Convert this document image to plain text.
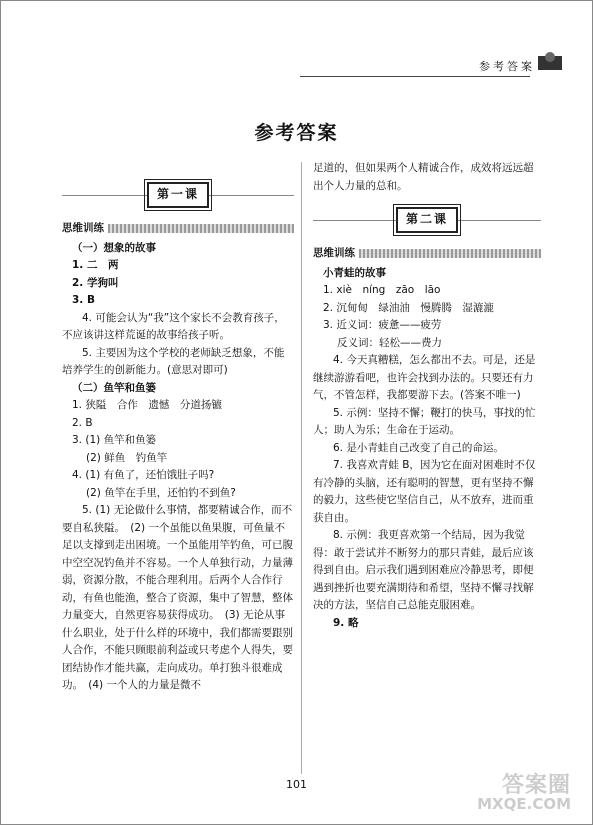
参考答案
参考答案
第一课
思维训练

（一）想象的故事

1. 二　两

2. 学狗叫

3. B

4. 可能会认为“我”这个家长不会教育孩子，不应该讲这样荒诞的故事给孩子听。

5. 主要因为这个学校的老师缺乏想象，不能培养学生的创新能力。(意思对即可)

（二）鱼竿和鱼篓

1. 狭隘　合作　遗憾　分道扬镳

2. B

3. (1) 鱼竿和鱼篓

(2) 鲜鱼　钓鱼竿

4. (1) 有鱼了，还怕饿肚子吗?

(2) 鱼竿在手里，还怕钓不到鱼?

5. (1) 无论做什么事情，都要精诚合作，而不要自私狭隘。　(2) 一个虽能以鱼果腹，可鱼量不足以支撑到走出困境。一个虽能用竿钓鱼，可已腹中空空况钓鱼并不容易。一个人单独行动，力量薄弱，资源分散，不能合理利用。后两个人合作行动，有鱼也能渔，整合了资源，集中了智慧，整体力量变大，自然更容易获得成功。　(3) 无论从事什么职业，处于什么样的环境中，我们都需要跟别人合作，不能只顾眼前利益或只考虑个人得失，要团结协作才能共赢，走向成功。单打独斗很难成功。　(4) 一个人的力量是微不

足道的，但如果两个人精诚合作，成效将远远超出个人力量的总和。

第二课
思维训练

小青蛙的故事

1. xiè　níng　zāo　lāo

2. 沉甸甸　绿油油　慢腾腾　湿漉漉

3. 近义词：疲惫——疲劳

反义词：轻松——费力

4. 今天真糟糕，怎么都出不去。可是，还是继续游游看吧，也许会找到办法的。只要还有力气，不管怎样，我都要游下去。(答案不唯一)

5. 示例：坚持不懈；鞭打的快马，事找的忙人；助人为乐；生命在于运动。

6. 是小青蛙自己改变了自己的命运。

7. 我喜欢青蛙 B，因为它在面对困难时不仅有冷静的头脑，还有聪明的智慧，更有坚持不懈的毅力，这些使它坚信自己，从不放弃，进而重获自由。

8. 示例：我更喜欢第一个结局，因为我觉得：敢于尝试并不断努力的那只青蛙，最后应该得到自由。启示我们遇到困难应冷静思考，即便遇到挫折也要充满期待和希望，坚持不懈寻找解决的方法，坚信自己总能克服困难。

9. 略

101	答案圈
MXQE.COM
